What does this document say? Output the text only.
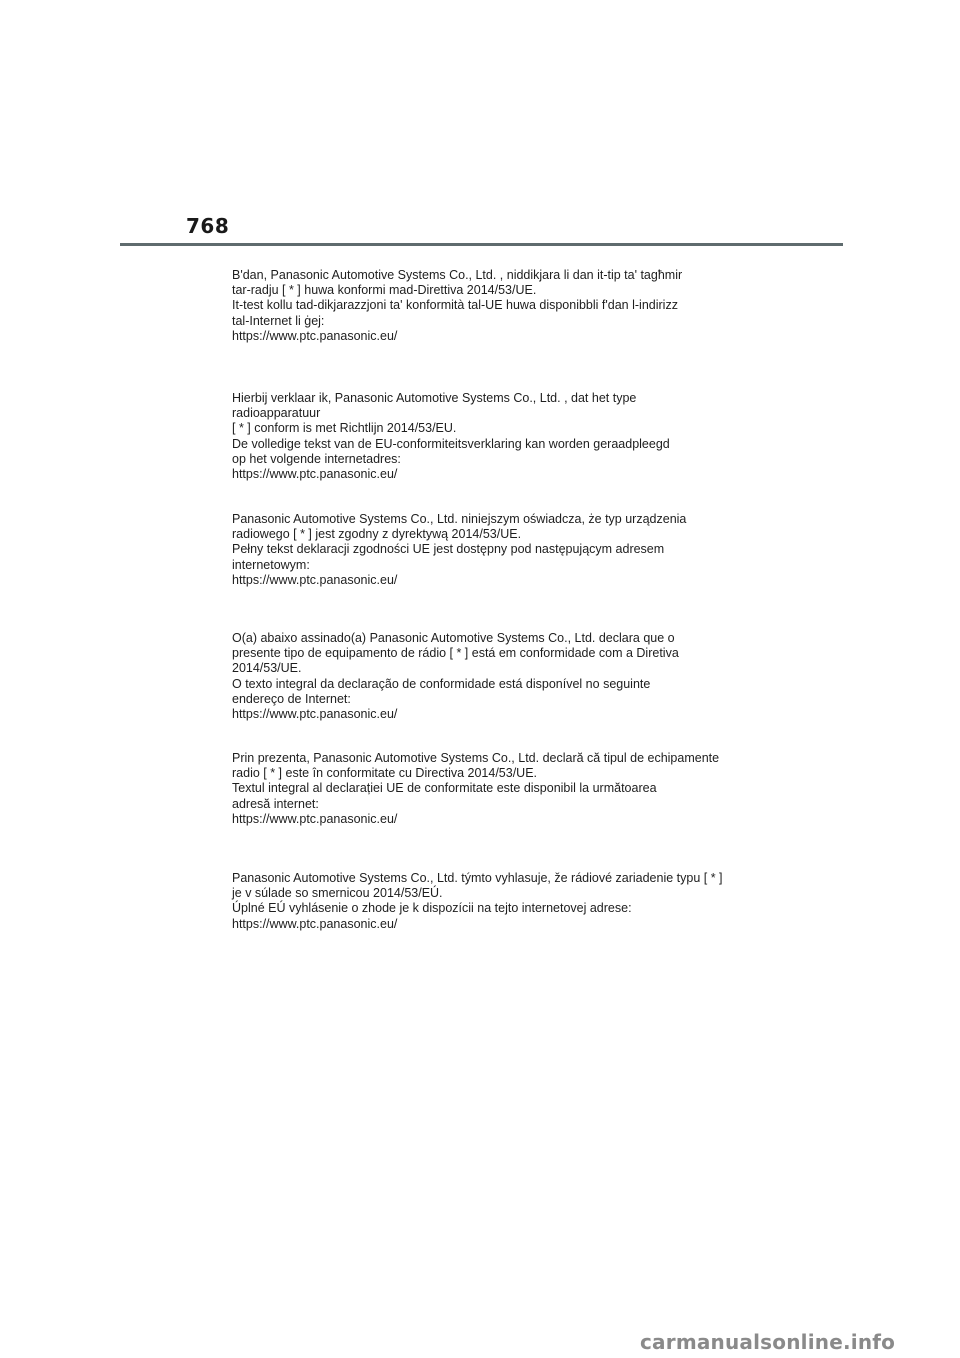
768
B'dan, Panasonic Automotive Systems Co., Ltd. , niddikjara li dan it-tip ta' tagħmir
tar-radju [ * ] huwa konformi mad-Direttiva 2014/53/UE.
It-test kollu tad-dikjarazzjoni ta' konformità tal-UE huwa disponibbli f'dan l-indirizz
tal-Internet li ġej:
https://www.ptc.panasonic.eu/
Hierbij verklaar ik, Panasonic Automotive Systems Co., Ltd. , dat het type
radioapparatuur
[ * ] conform is met Richtlijn 2014/53/EU.
De volledige tekst van de EU-conformiteitsverklaring kan worden geraadpleegd
op het volgende internetadres:
https://www.ptc.panasonic.eu/
Panasonic Automotive Systems Co., Ltd. niniejszym oświadcza, że typ urządzenia
radiowego [ * ] jest zgodny z dyrektywą 2014/53/UE.
Pełny tekst deklaracji zgodności UE jest dostępny pod następującym adresem
internetowym:
https://www.ptc.panasonic.eu/
O(a) abaixo assinado(a) Panasonic Automotive Systems Co., Ltd. declara que o
presente tipo de equipamento de rádio [ * ] está em conformidade com a Diretiva
2014/53/UE.
O texto integral da declaração de conformidade está disponível no seguinte
endereço de Internet:
https://www.ptc.panasonic.eu/
Prin prezenta, Panasonic Automotive Systems Co., Ltd. declară că tipul de echipamente
radio [ * ] este în conformitate cu Directiva 2014/53/UE.
Textul integral al declarației UE de conformitate este disponibil la următoarea
adresă internet:
https://www.ptc.panasonic.eu/
Panasonic Automotive Systems Co., Ltd. týmto vyhlasuje, že rádiové zariadenie typu [ * ]
je v súlade so smernicou 2014/53/EÚ.
Úplné EÚ vyhlásenie o zhode je k dispozícii na tejto internetovej adrese:
https://www.ptc.panasonic.eu/
carmanualsonline.info
